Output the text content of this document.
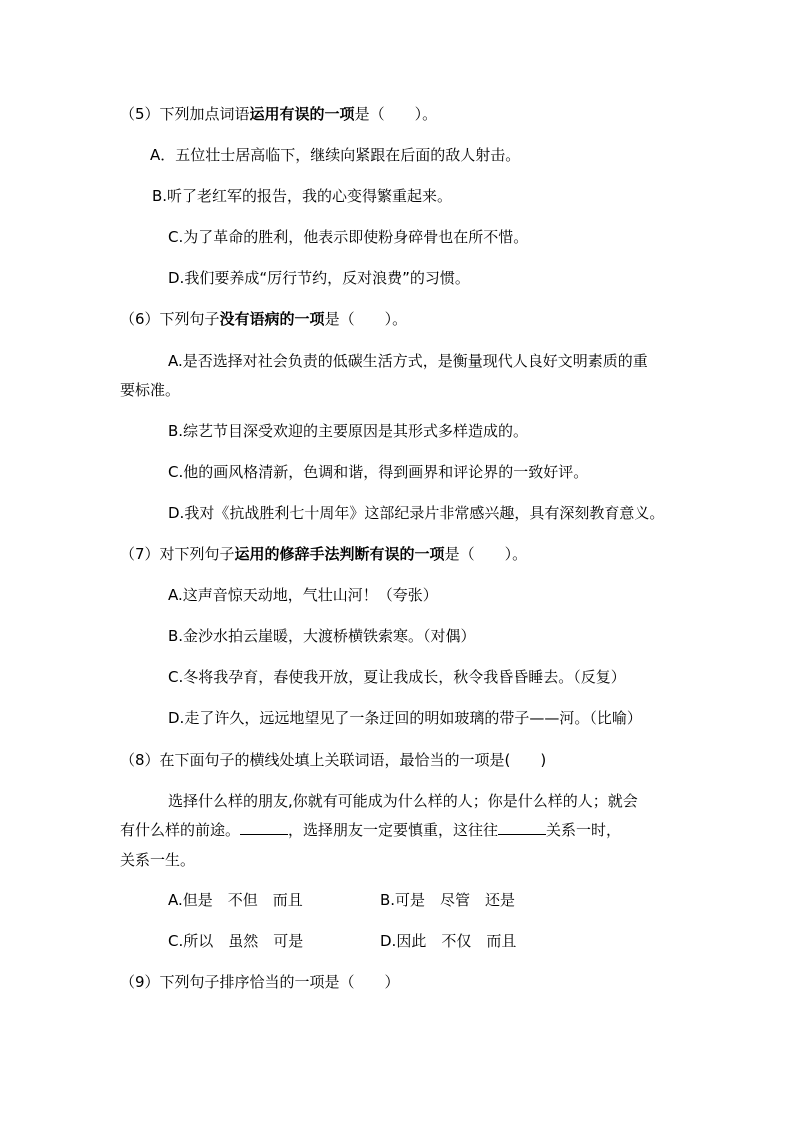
（5）下列加点词语运用有误的一项是（　　）。
A．五位壮士居高临下，继续向紧跟在后面的敌人射击。
B.听了老红军的报告，我的心变得繁重起来。
C.为了革命的胜利，他表示即使粉身碎骨也在所不惜。
D.我们要养成“厉行节约，反对浪费”的习惯。
（6）下列句子没有语病的一项是（　　）。
A.是否选择对社会负责的低碳生活方式，是衡量现代人良好文明素质的重
要标准。
B.综艺节目深受欢迎的主要原因是其形式多样造成的。
C.他的画风格清新，色调和谐，得到画界和评论界的一致好评。
D.我对《抗战胜利七十周年》这部纪录片非常感兴趣，具有深刻教育意义。
（7）对下列句子运用的修辞手法判断有误的一项是（　　）。
A.这声音惊天动地，气壮山河！（夸张）
B.金沙水拍云崖暖，大渡桥横铁索寒。（对偶）
C.冬将我孕育，春使我开放，夏让我成长，秋令我昏昏睡去。（反复）
D.走了许久，远远地望见了一条迂回的明如玻璃的带子——河。（比喻）
（8）在下面句子的横线处填上关联词语，最恰当的一项是(　　)
选择什么样的朋友,你就有可能成为什么样的人；你是什么样的人；就会
有什么样的前途。	，选择朋友一定要慎重，这往往	关系一时，
关系一生。
A.但是　不但　而且	B.可是　尽管　还是
C.所以　虽然　可是	D.因此　不仅　而且
（9）下列句子排序恰当的一项是（　　）
